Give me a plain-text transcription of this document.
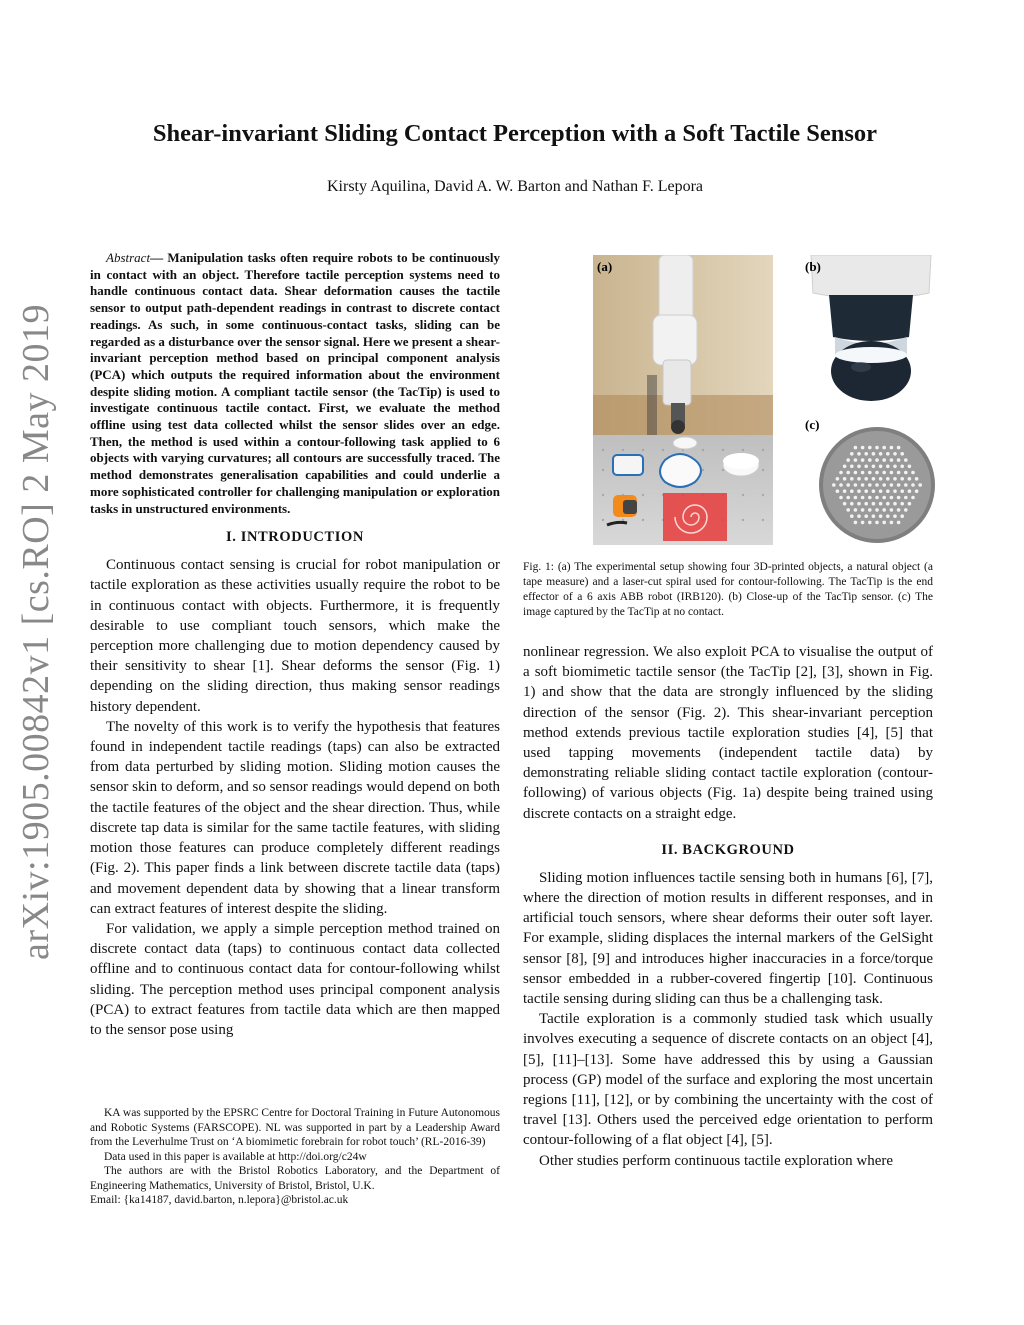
arXiv:1905.00842v1 [cs.RO] 2 May 2019
Shear-invariant Sliding Contact Perception with a Soft Tactile Sensor
Kirsty Aquilina, David A. W. Barton and Nathan F. Lepora

Abstract— Manipulation tasks often require robots to be continuously in contact with an object. Therefore tactile perception systems need to handle continuous contact data. Shear deformation causes the tactile sensor to output path-dependent readings in contrast to discrete contact readings. As such, in some continuous-contact tasks, sliding can be regarded as a disturbance over the sensor signal. Here we present a shear-invariant perception method based on principal component analysis (PCA) which outputs the required information about the environment despite sliding motion. A compliant tactile sensor (the TacTip) is used to investigate continuous tactile contact. First, we evaluate the method offline using test data collected whilst the sensor slides over an edge. Then, the method is used within a contour-following task applied to 6 objects with varying curvatures; all contours are successfully traced. The method demonstrates generalisation capabilities and could underlie a more sophisticated controller for challenging manipulation or exploration tasks in unstructured environments.

I. INTRODUCTION

Continuous contact sensing is crucial for robot manipulation or tactile exploration as these activities usually require the robot to be in continuous contact with objects. Furthermore, it is frequently desirable to use compliant touch sensors, which make the perception more challenging due to motion dependency caused by their sensitivity to shear [1]. Shear deforms the sensor (Fig. 1) depending on the sliding direction, thus making sensor readings history dependent.

The novelty of this work is to verify the hypothesis that features found in independent tactile readings (taps) can also be extracted from data perturbed by sliding motion. Sliding motion causes the sensor skin to deform, and so sensor readings would depend on both the tactile features of the object and the shear direction. Thus, while discrete tap data is similar for the same tactile features, with sliding motion those features can produce completely different readings (Fig. 2). This paper finds a link between discrete tactile data (taps) and movement dependent data by showing that a linear transform can extract features of interest despite the sliding.

For validation, we apply a simple perception method trained on discrete contact data (taps) to continuous contact data collected offline and to continuous contact data for contour-following whilst sliding. The perception method uses principal component analysis (PCA) to extract features from tactile data which are then mapped to the sensor pose using

KA was supported by the EPSRC Centre for Doctoral Training in Future Autonomous and Robotic Systems (FARSCOPE). NL was supported in part by a Leadership Award from the Leverhulme Trust on ‘A biomimetic forebrain for robot touch’ (RL-2016-39)

Data used in this paper is available at http://doi.org/c24w

The authors are with the Bristol Robotics Laboratory, and the Department of Engineering Mathematics, University of Bristol, Bristol, U.K.

Email: {ka14187, david.barton, n.lepora}@bristol.ac.uk

(a)	(b)
(c)

Fig. 1: (a) The experimental setup showing four 3D-printed objects, a natural object (a tape measure) and a laser-cut spiral used for contour-following. The TacTip is the end effector of a 6 axis ABB robot (IRB120). (b) Close-up of the TacTip sensor. (c) The image captured by the TacTip at no contact.

nonlinear regression. We also exploit PCA to visualise the output of a soft biomimetic tactile sensor (the TacTip [2], [3], shown in Fig. 1) and show that the data are strongly influenced by the sliding direction of the sensor (Fig. 2). This shear-invariant perception method extends previous tactile exploration studies [4], [5] that used tapping movements (independent tactile data) by demonstrating reliable sliding contact tactile exploration (contour-following) of various objects (Fig. 1a) despite being trained using discrete contacts on a straight edge.

II. BACKGROUND

Sliding motion influences tactile sensing both in humans [6], [7], where the direction of motion results in different responses, and in artificial touch sensors, where shear deforms their outer soft layer. For example, sliding displaces the internal markers of the GelSight sensor [8], [9] and introduces higher inaccuracies in a force/torque sensor embedded in a rubber-covered fingertip [10]. Continuous tactile sensing during sliding can thus be a challenging task.

Tactile exploration is a commonly studied task which usually involves executing a sequence of discrete contacts on an object [4], [5], [11]–[13]. Some have addressed this by using a Gaussian process (GP) model of the surface and exploring the most uncertain regions [11], [12], or by combining the uncertainty with the cost of travel [13]. Others used the perceived edge orientation to perform contour-following of a flat object [4], [5].

Other studies perform continuous tactile exploration where
